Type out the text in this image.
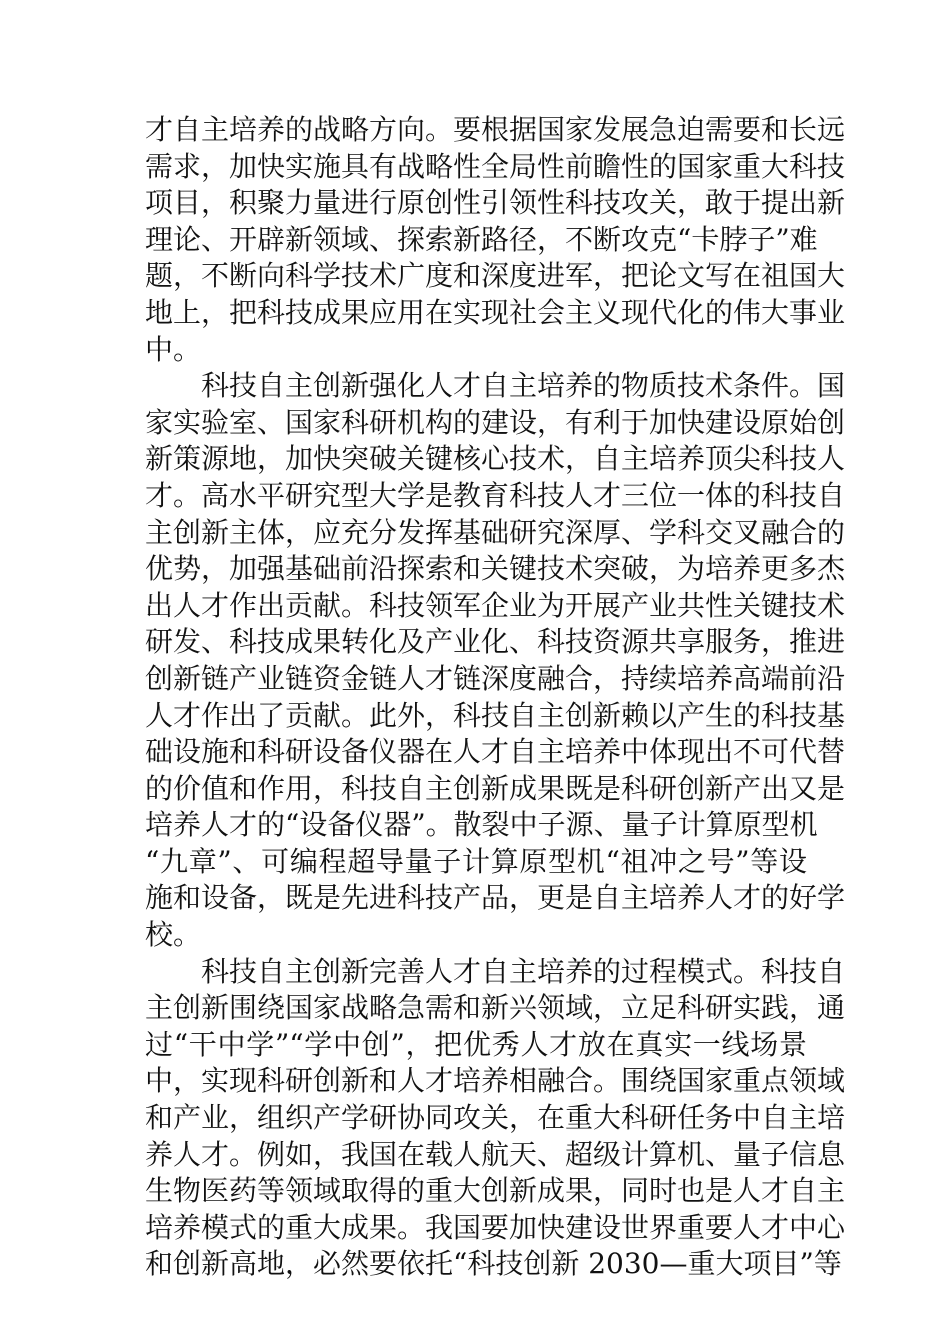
才自主培养的战略方向。要根据国家发展急迫需要和长远
需求，加快实施具有战略性全局性前瞻性的国家重大科技
项目，积聚力量进行原创性引领性科技攻关，敢于提出新
理论、开辟新领域、探索新路径，不断攻克“卡脖子”难
题，不断向科学技术广度和深度进军，把论文写在祖国大
地上，把科技成果应用在实现社会主义现代化的伟大事业
中。
科技自主创新强化人才自主培养的物质技术条件。国
家实验室、国家科研机构的建设，有利于加快建设原始创
新策源地，加快突破关键核心技术，自主培养顶尖科技人
才。高水平研究型大学是教育科技人才三位一体的科技自
主创新主体，应充分发挥基础研究深厚、学科交叉融合的
优势，加强基础前沿探索和关键技术突破，为培养更多杰
出人才作出贡献。科技领军企业为开展产业共性关键技术
研发、科技成果转化及产业化、科技资源共享服务，推进
创新链产业链资金链人才链深度融合，持续培养高端前沿
人才作出了贡献。此外，科技自主创新赖以产生的科技基
础设施和科研设备仪器在人才自主培养中体现出不可代替
的价值和作用，科技自主创新成果既是科研创新产出又是
培养人才的“设备仪器”。散裂中子源、量子计算原型机
“九章”、可编程超导量子计算原型机“祖冲之号”等设
施和设备，既是先进科技产品，更是自主培养人才的好学
校。
科技自主创新完善人才自主培养的过程模式。科技自
主创新围绕国家战略急需和新兴领域，立足科研实践，通
过“干中学”“学中创”，把优秀人才放在真实一线场景
中，实现科研创新和人才培养相融合。围绕国家重点领域
和产业，组织产学研协同攻关，在重大科研任务中自主培
养人才。例如，我国在载人航天、超级计算机、量子信息
生物医药等领域取得的重大创新成果，同时也是人才自主
培养模式的重大成果。我国要加快建设世界重要人才中心
和创新高地，必然要依托“科技创新 2030—重大项目”等
